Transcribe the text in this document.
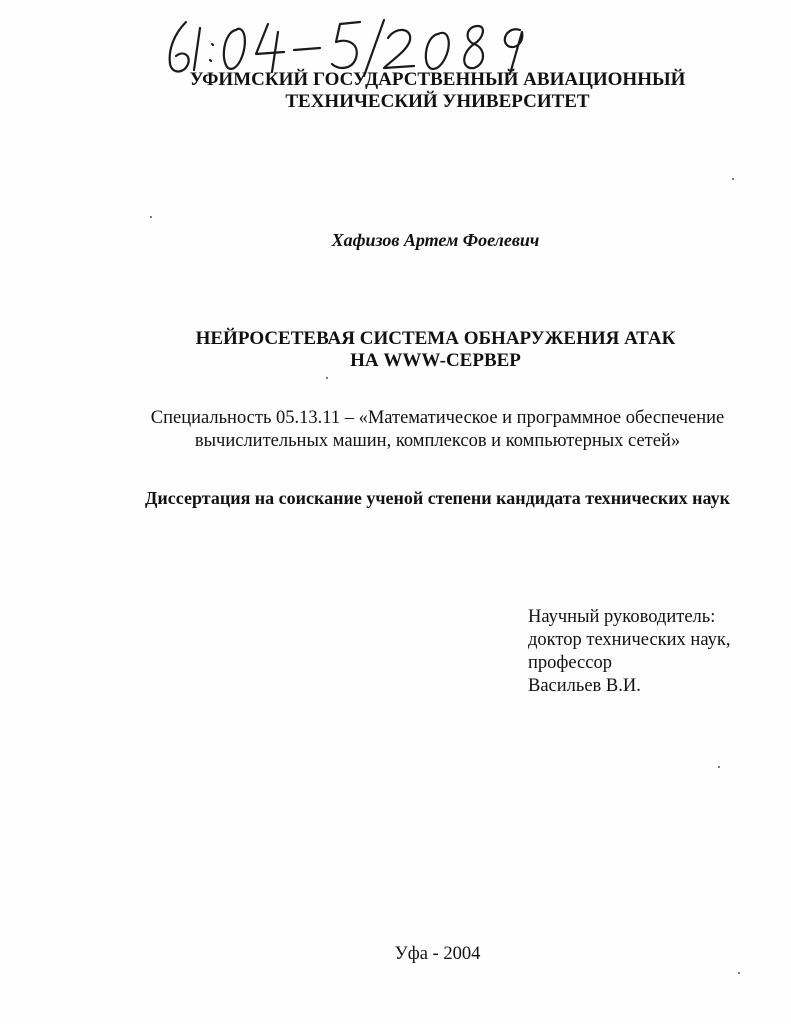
УФИМСКИЙ ГОСУДАРСТВЕННЫЙ АВИАЦИОННЫЙ
ТЕХНИЧЕСКИЙ УНИВЕРСИТЕТ
Хафизов Артем Фоелевич
НЕЙРОСЕТЕВАЯ СИСТЕМА ОБНАРУЖЕНИЯ АТАК
НА WWW-СЕРВЕР
Специальность 05.13.11 – «Математическое и программное обеспечение
вычислительных машин, комплексов и компьютерных сетей»
Диссертация на соискание ученой степени кандидата технических наук
Научный руководитель:
доктор технических наук,
профессор
Васильев В.И.
Уфа - 2004
